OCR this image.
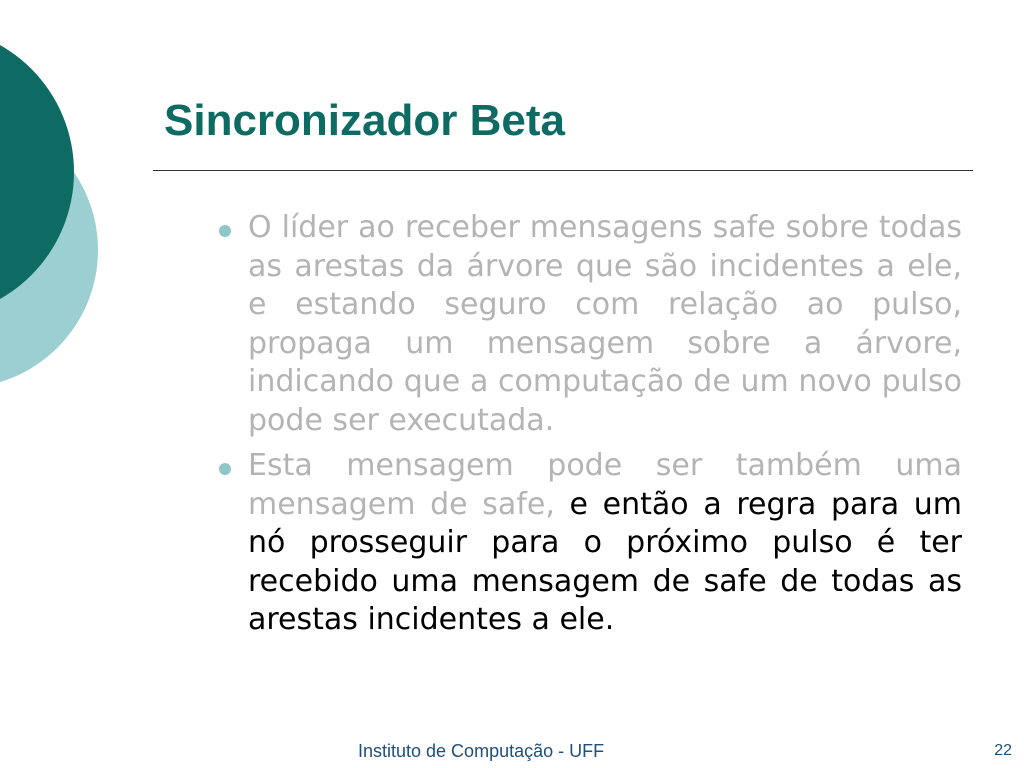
Sincronizador Beta

O líder ao receber mensagens safe sobre todas as arestas da árvore que são incidentes a ele, e estando seguro com relação ao pulso, propaga um mensagem sobre a árvore, indicando que a computação de um novo pulso pode ser executada.

Esta mensagem pode ser também uma mensagem de safe, e então a regra para um nó prosseguir para o próximo pulso é ter recebido uma mensagem de safe de todas as arestas incidentes a ele.

Instituto de Computação - UFF	22
